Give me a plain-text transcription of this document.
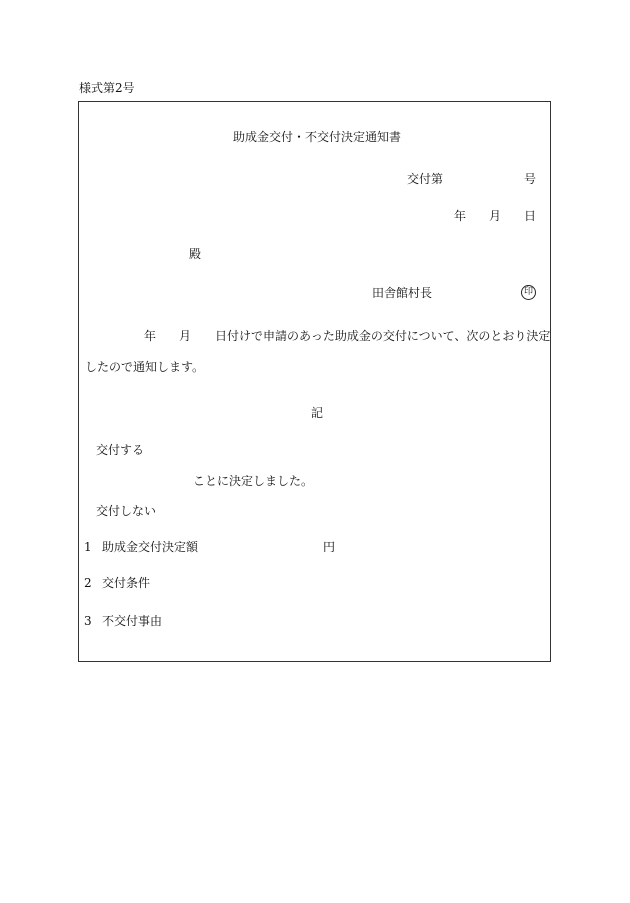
様式第2号
助成金交付・不交付決定通知書
交付第	号
年 月 日
殿
田舎館村長	印
年 月 日付けで申請のあった助成金の交付について、次のとおり決定
したので通知します。
記
交付する
ことに決定しました。
交付しない
1 助成金交付決定額	円
2 交付条件
3 不交付事由
